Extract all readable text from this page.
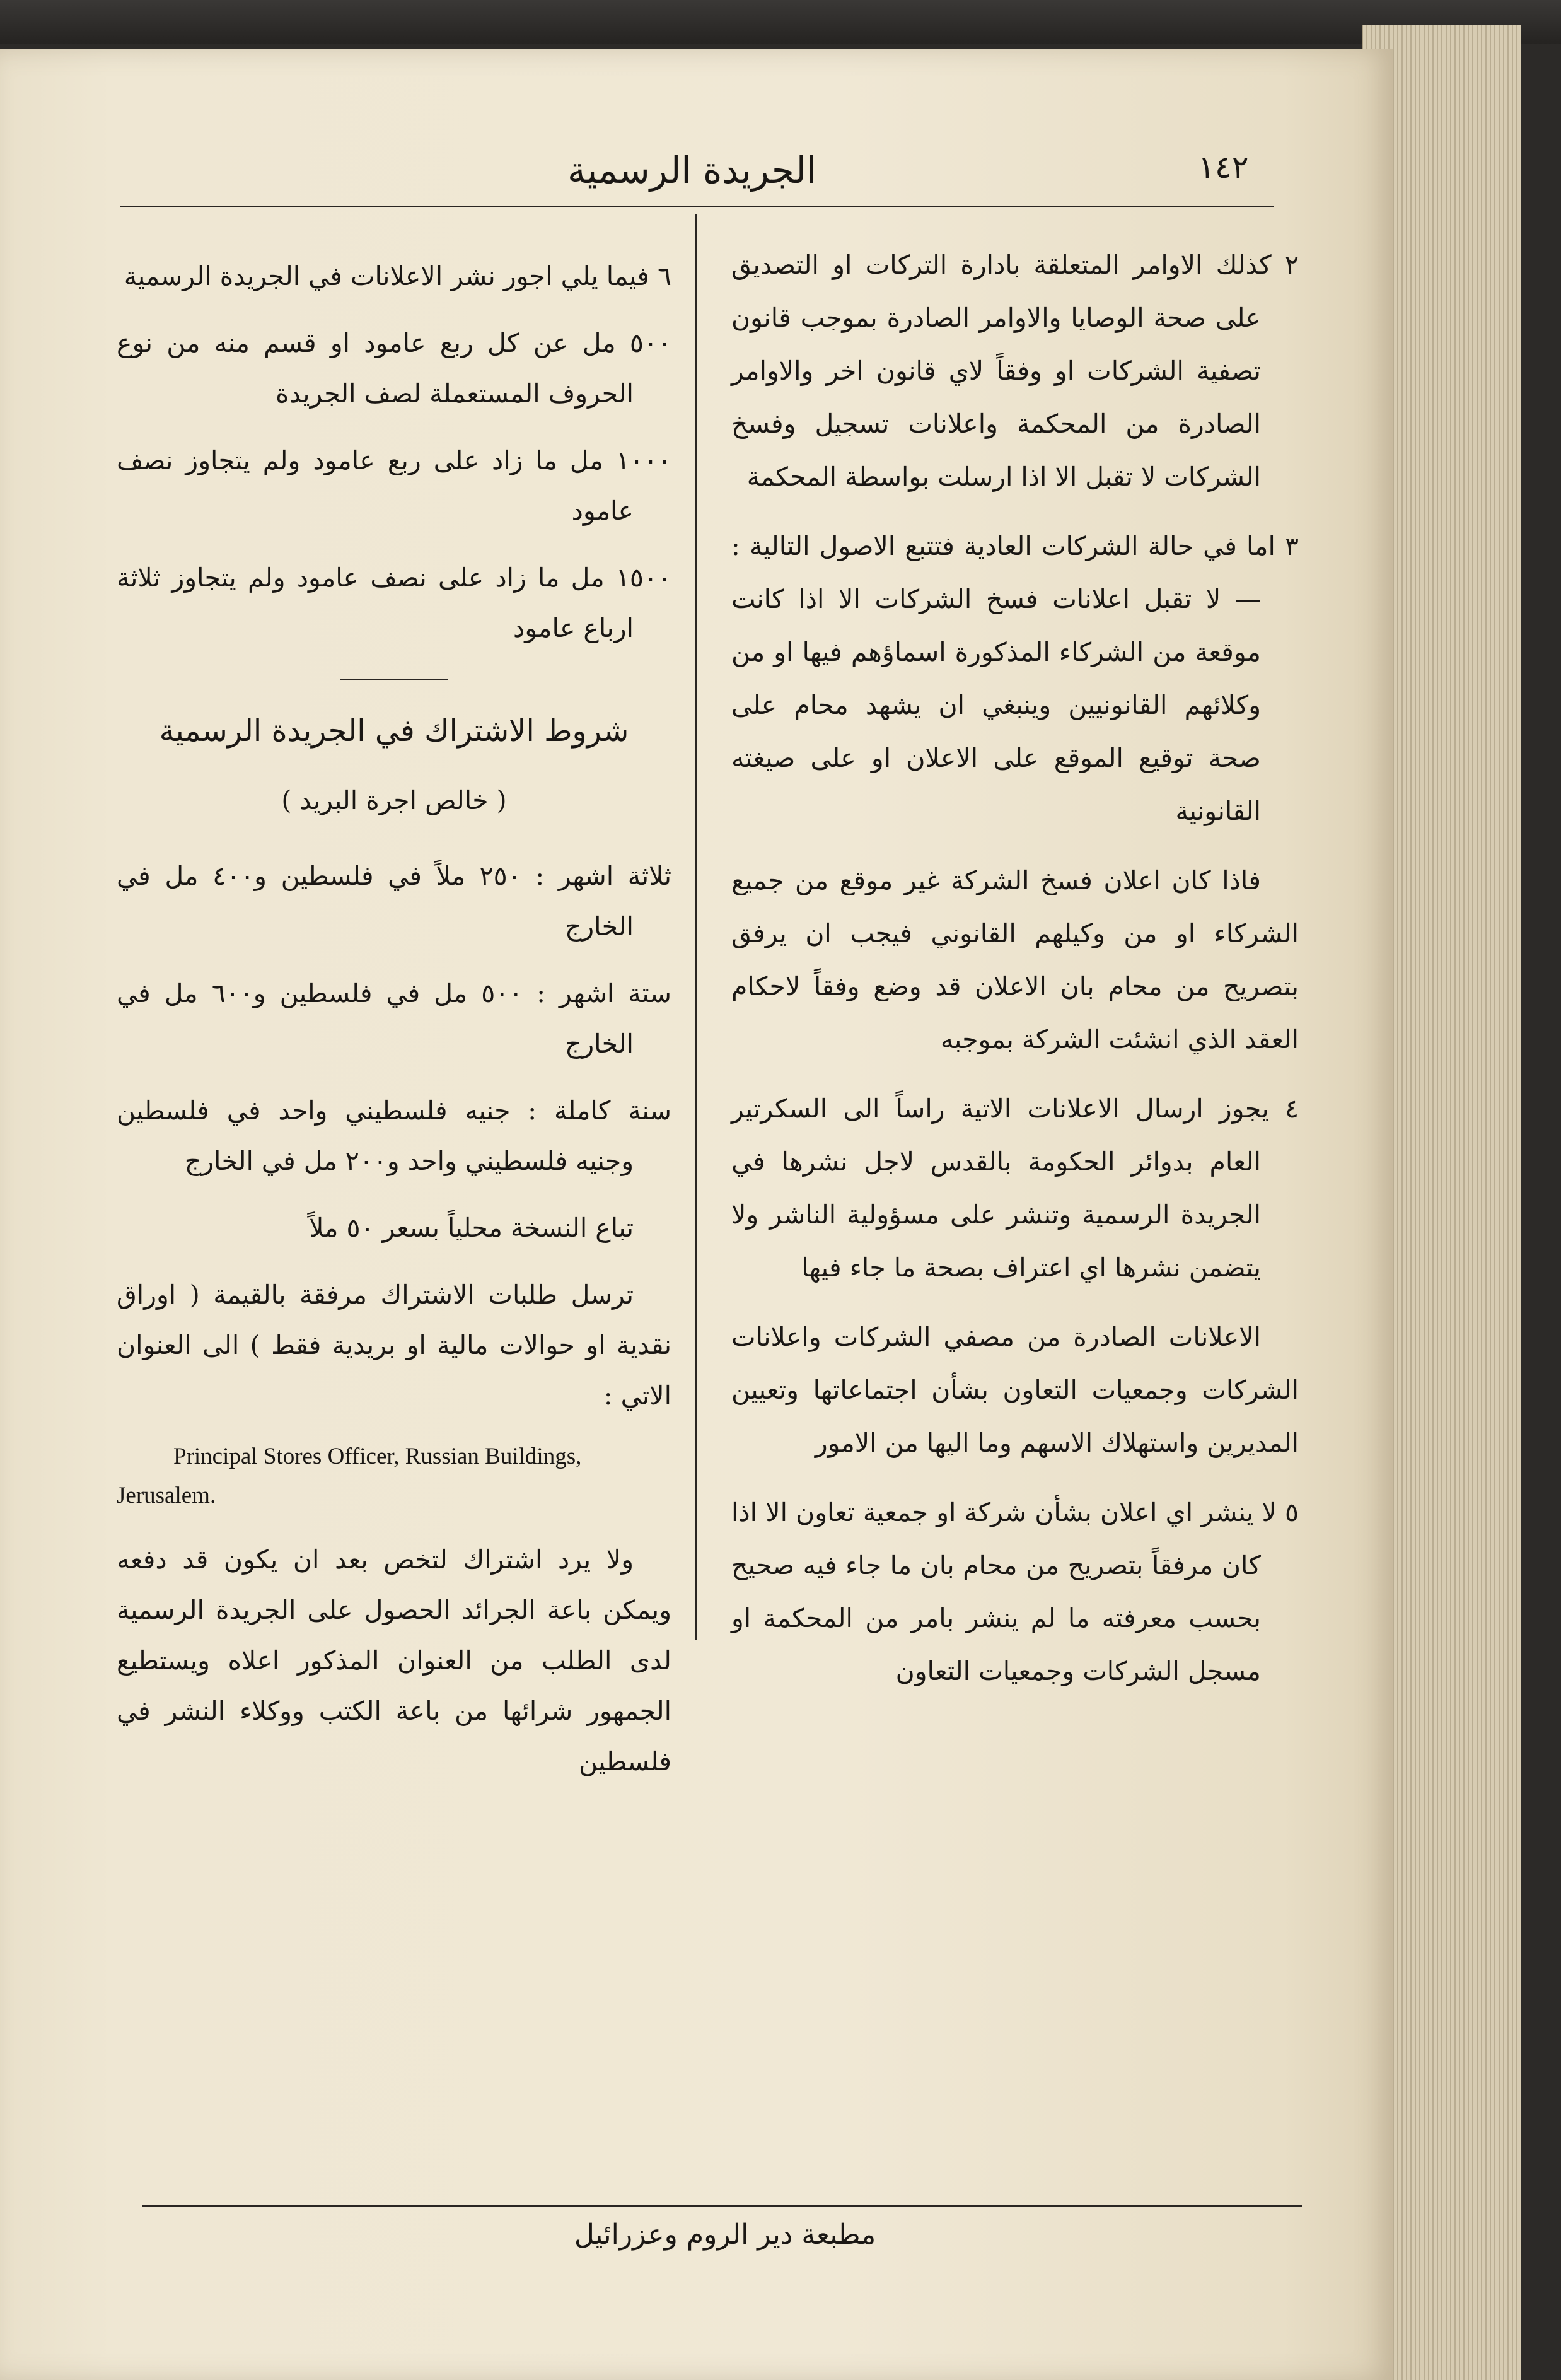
١٤٢
الجريدة الرسمية

٢ كذلك الاوامر المتعلقة بادارة التركات او التصديق على صحة الوصايا والاوامر الصادرة بموجب قانون تصفية الشركات او وفقاً لاي قانون اخر والاوامر الصادرة من المحكمة واعلانات تسجيل وفسخ الشركات لا تقبل الا اذا ارسلت بواسطة المحكمة

٣ اما في حالة الشركات العادية فتتبع الاصول التالية :— لا تقبل اعلانات فسخ الشركات الا اذا كانت موقعة من الشركاء المذكورة اسماؤهم فيها او من وكلائهم القانونيين وينبغي ان يشهد محام على صحة توقيع الموقع على الاعلان او على صيغته القانونية

فاذا كان اعلان فسخ الشركة غير موقع من جميع الشركاء او من وكيلهم القانوني فيجب ان يرفق بتصريح من محام بان الاعلان قد وضع وفقاً لاحكام العقد الذي انشئت الشركة بموجبه

٤ يجوز ارسال الاعلانات الاتية راساً الى السكرتير العام بدوائر الحكومة بالقدس لاجل نشرها في الجريدة الرسمية وتنشر على مسؤولية الناشر ولا يتضمن نشرها اي اعتراف بصحة ما جاء فيها

الاعلانات الصادرة من مصفي الشركات واعلانات الشركات وجمعيات التعاون بشأن اجتماعاتها وتعيين المديرين واستهلاك الاسهم وما اليها من الامور

٥ لا ينشر اي اعلان بشأن شركة او جمعية تعاون الا اذا كان مرفقاً بتصريح من محام بان ما جاء فيه صحيح بحسب معرفته ما لم ينشر بامر من المحكمة او مسجل الشركات وجمعيات التعاون

٦ فيما يلي اجور نشر الاعلانات في الجريدة الرسمية

٥٠٠ مل عن كل ربع عامود او قسم منه من نوع الحروف المستعملة لصف الجريدة

١٠٠٠ مل ما زاد على ربع عامود ولم يتجاوز نصف عامود

١٥٠٠ مل ما زاد على نصف عامود ولم يتجاوز ثلاثة ارباع عامود

شروط الاشتراك في الجريدة الرسمية

( خالص اجرة البريد )

ثلاثة اشهر : ٢٥٠ ملاً في فلسطين و٤٠٠ مل في الخارج

ستة اشهر : ٥٠٠ مل في فلسطين و٦٠٠ مل في الخارج

سنة كاملة : جنيه فلسطيني واحد في فلسطين وجنيه فلسطيني واحد و٢٠٠ مل في الخارج

تباع النسخة محلياً بسعر ٥٠ ملاً

ترسل طلبات الاشتراك مرفقة بالقيمة ( اوراق نقدية او حوالات مالية او بريدية فقط ) الى العنوان الاتي :

Principal Stores Officer, Russian Buildings,
Jerusalem.

ولا يرد اشتراك لتخص بعد ان يكون قد دفعه ويمكن باعة الجرائد الحصول على الجريدة الرسمية لدى الطلب من العنوان المذكور اعلاه ويستطيع الجمهور شرائها من باعة الكتب ووكلاء النشر في فلسطين

مطبعة دير الروم وعزرائيل
